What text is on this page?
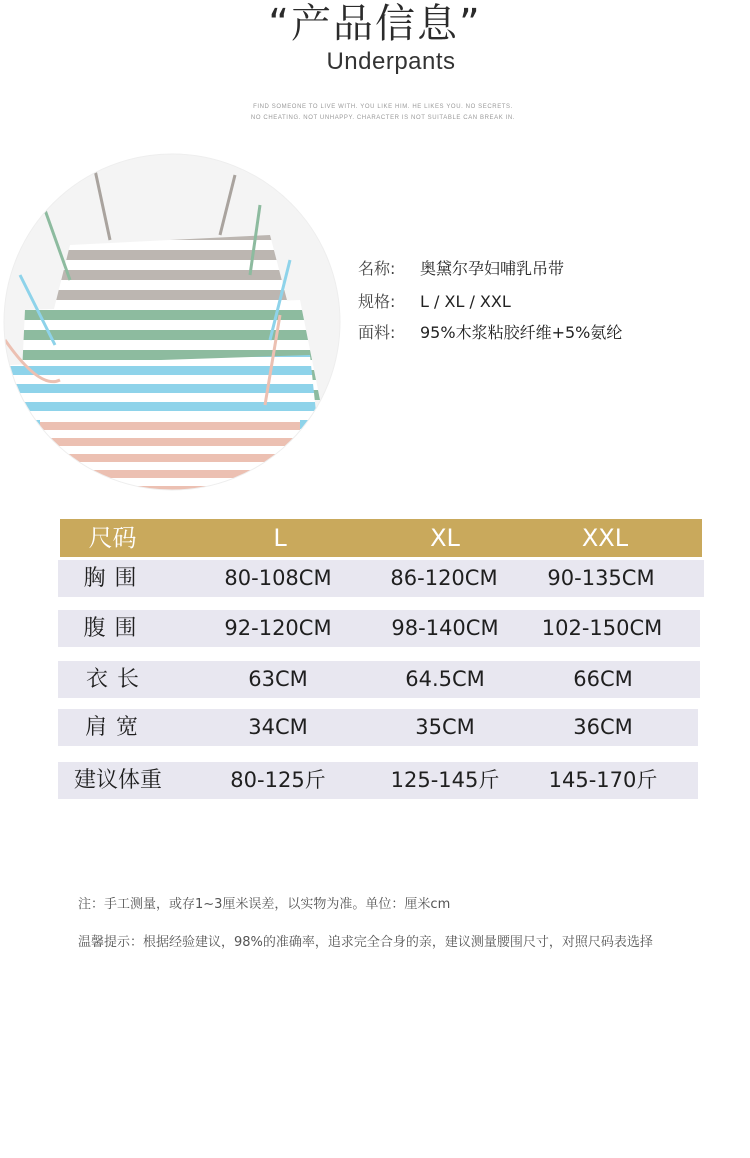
“产品信息”
Underpants
FIND SOMEONE TO LIVE WITH. YOU LIKE HIM. HE LIKES YOU. NO SECRETS.
NO CHEATING. NOT UNHAPPY. CHARACTER IS NOT SUITABLE CAN BREAK IN.
名称: 奥黛尔孕妇哺乳吊带
规格: L / XL / XXL
面料: 95%木浆粘胶纤维+5%氨纶
尺码	L	XL	XXL
胸 围	80-108CM	86-120CM	90-135CM
腹 围	92-120CM	98-140CM	102-150CM
衣 长	63CM	64.5CM	66CM
肩 宽	34CM	35CM	36CM
建议体重	80-125斤	125-145斤	145-170斤
注：手工测量，或存1~3厘米误差，以实物为准。单位：厘米cm
温馨提示：根据经验建议，98%的准确率，追求完全合身的亲，建议测量腰围尺寸，对照尺码表选择
